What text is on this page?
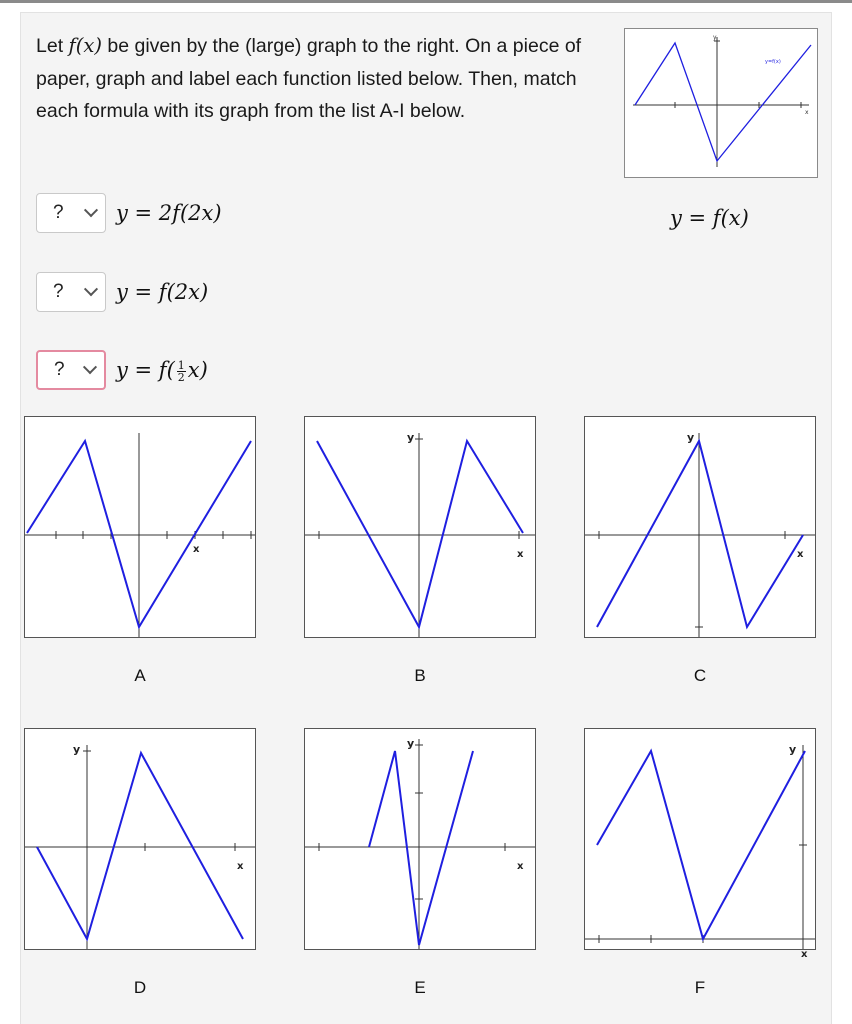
Let f(x) be given by the (large) graph to the right. On a piece of paper, graph and label each function listed below. Then, match each formula with its graph from the list A-I below.
y
x
y=f(x)
y = f(x)
? y = 2f(2x)
? y = f(2x)
? $y = f( \frac{1}{2} x)$
x
A
x
y
B
x
y
C
x
y
D
x
y
E
x
y
F
